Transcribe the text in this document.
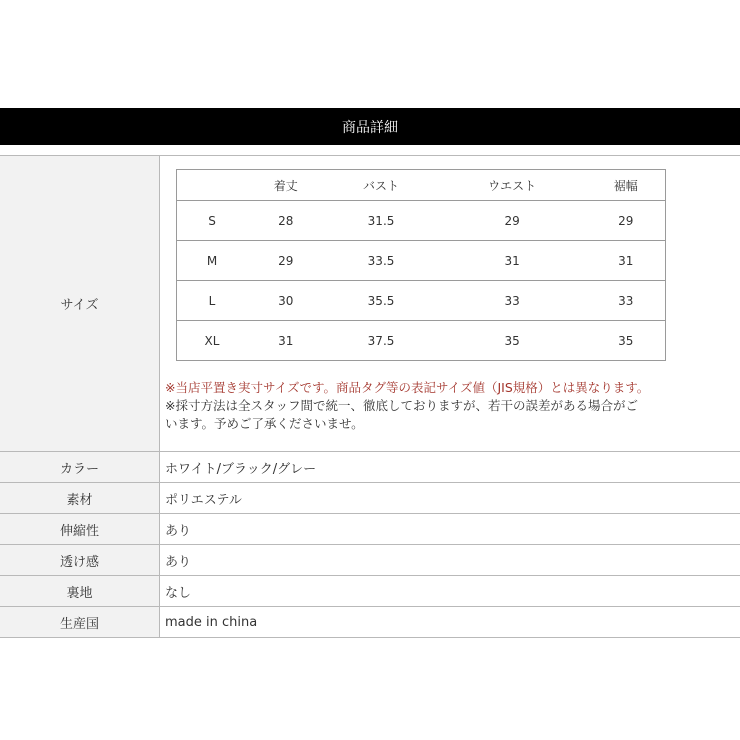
商品詳細
サイズ
	着丈	バスト	ウエスト	裾幅
S	28	31.5	29	29
M	29	33.5	31	31
L	30	35.5	33	33
XL	31	37.5	35	35
※当店平置き実寸サイズです。商品タグ等の表記サイズ値（JIS規格）とは異なります。
※採寸方法は全スタッフ間で統一、徹底しておりますが、若干の誤差がある場合がご
います。予めご了承くださいませ。
カラー	ホワイト/ブラック/グレー
素材	ポリエステル
伸縮性	あり
透け感	あり
裏地	なし
生産国	made in china
